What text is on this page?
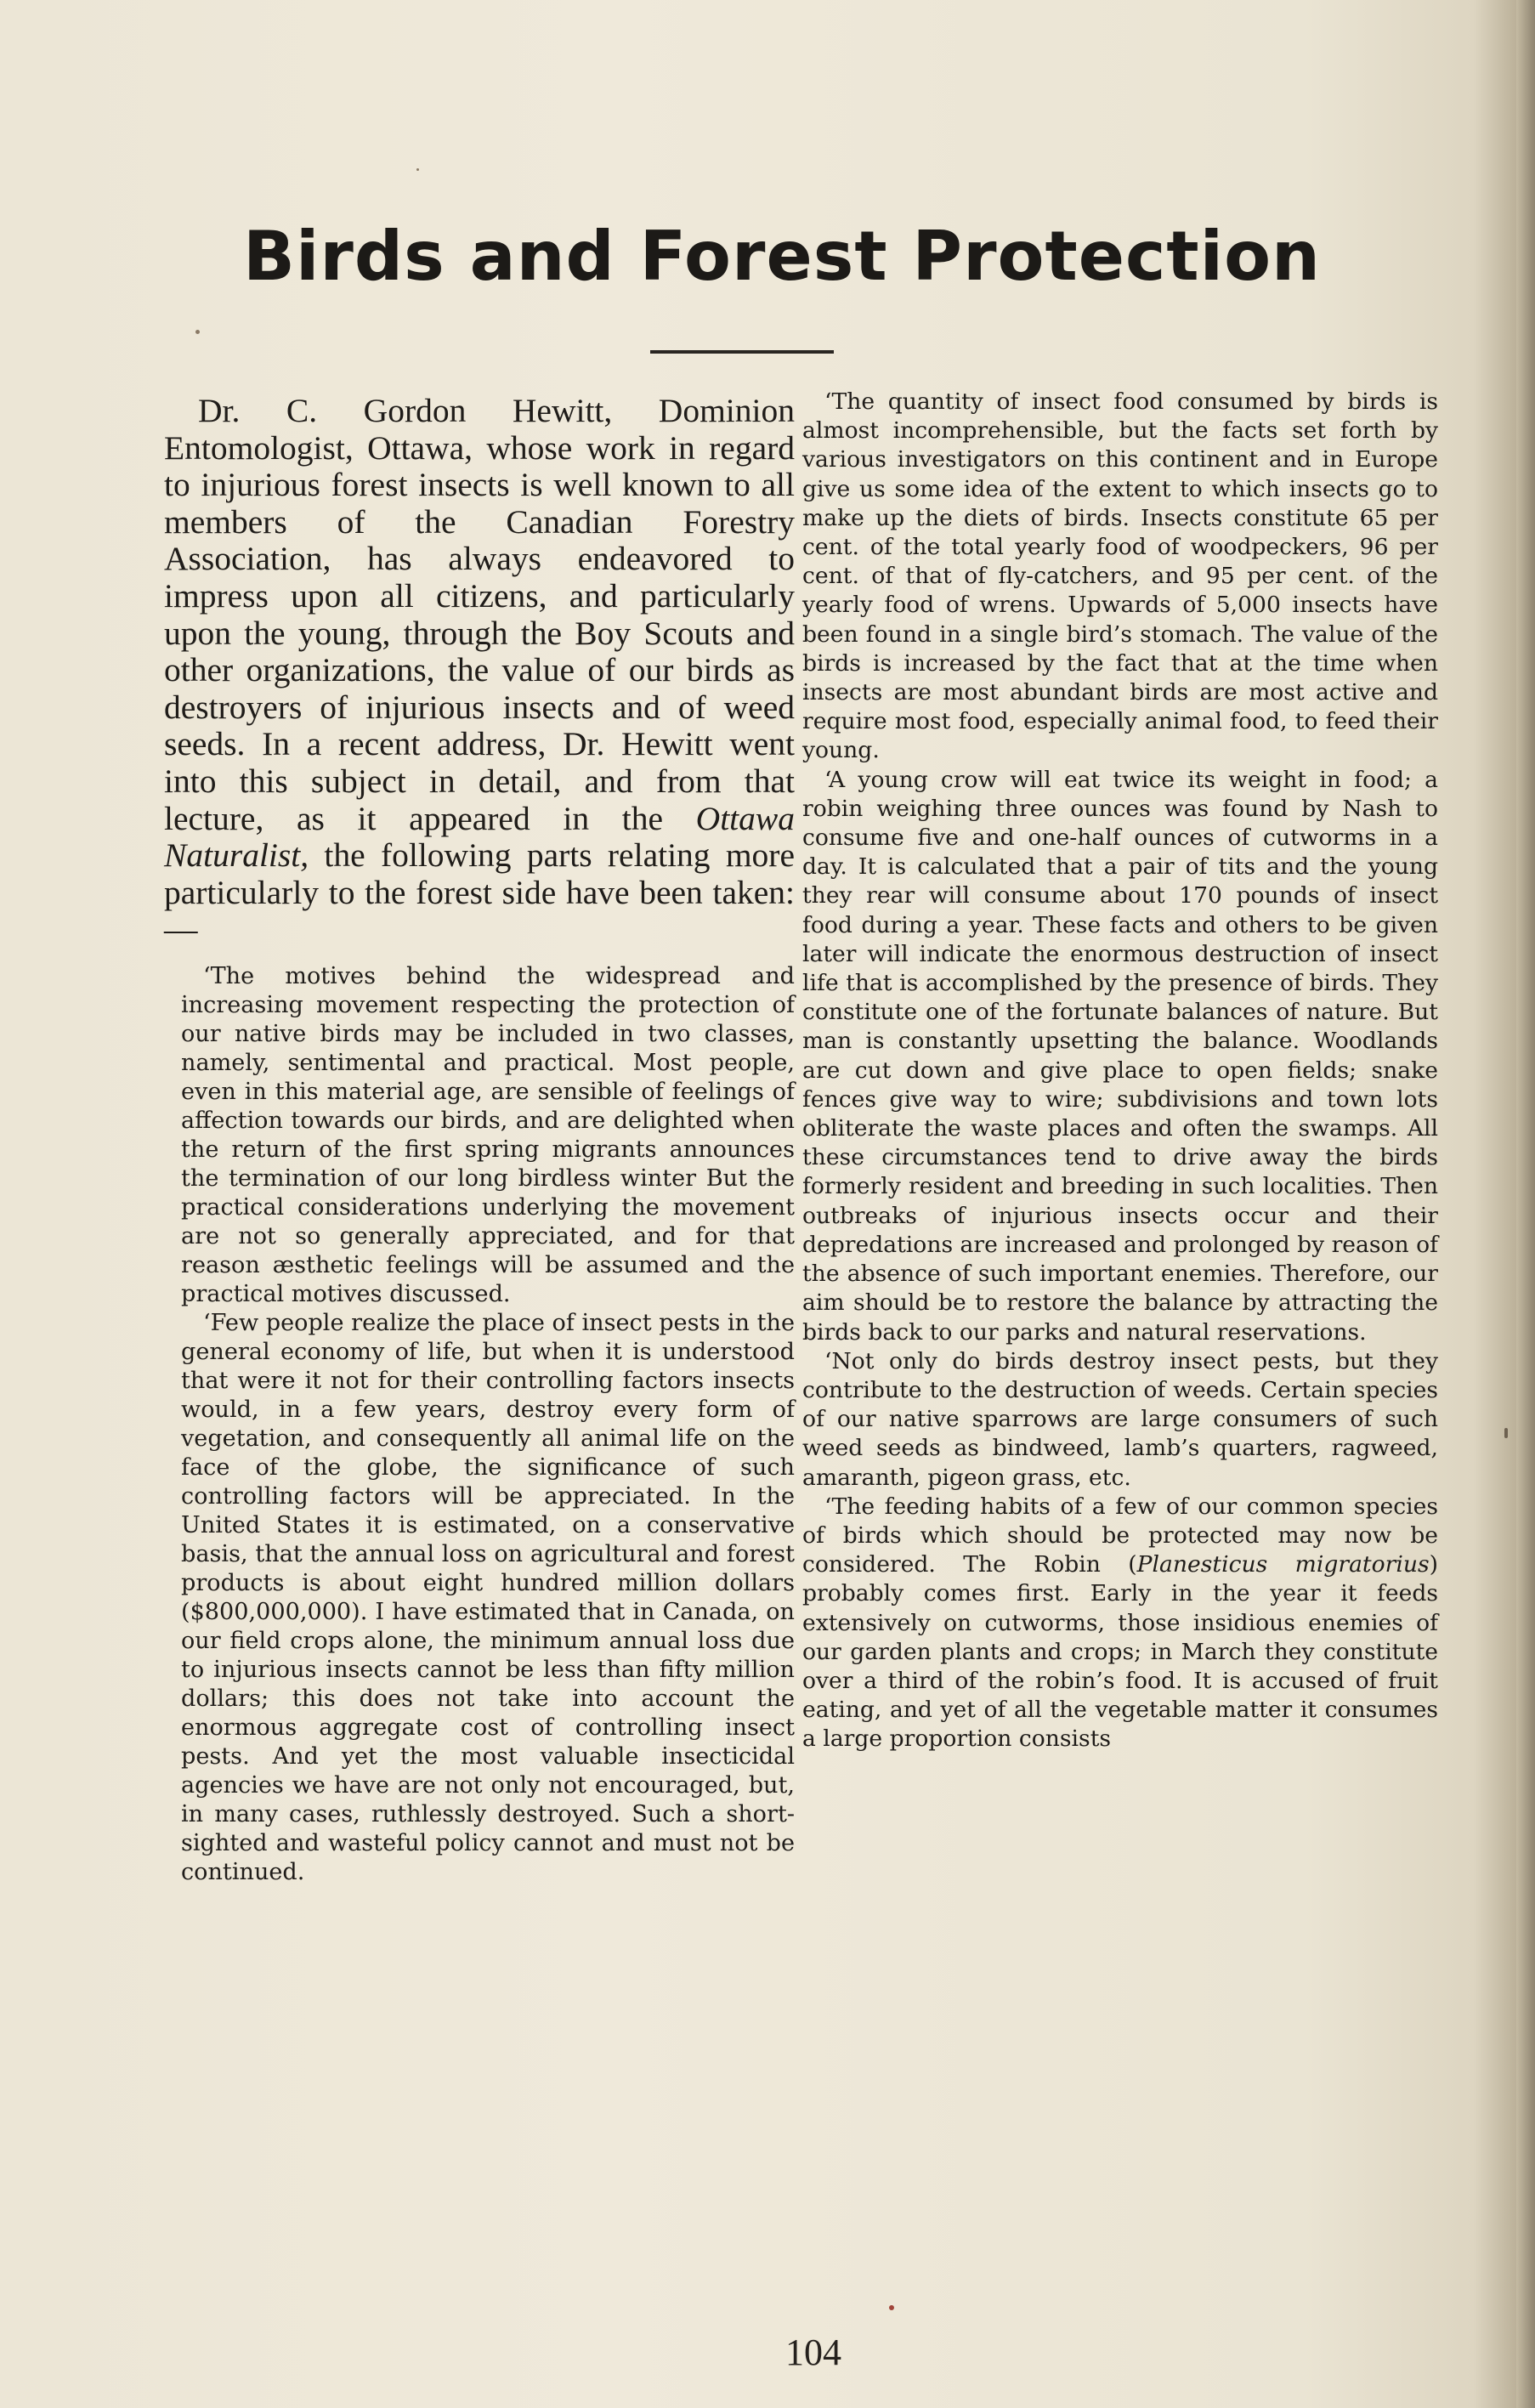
Birds and Forest Protection

Dr. C. Gordon Hewitt, Dominion Entomologist, Ottawa, whose work in regard to injurious forest insects is well known to all members of the Canadian Forestry Association, has always endeavored to impress upon all citizens, and particularly upon the young, through the Boy Scouts and other organizations, the value of our birds as destroyers of injurious insects and of weed seeds. In a recent address, Dr. Hewitt went into this subject in detail, and from that lecture, as it appeared in the Ottawa Naturalist, the following parts relating more particularly to the forest side have been taken:—

‘The motives behind the widespread and increasing movement respecting the protection of our native birds may be included in two classes, namely, sentimental and practical. Most people, even in this material age, are sensible of feelings of affection towards our birds, and are delighted when the return of the first spring migrants announces the termination of our long birdless winter But the practical considerations underlying the movement are not so generally appreciated, and for that reason æsthetic feelings will be assumed and the practical motives discussed.

‘Few people realize the place of insect pests in the general economy of life, but when it is understood that were it not for their controlling factors insects would, in a few years, destroy every form of vegetation, and consequently all animal life on the face of the globe, the significance of such controlling factors will be appreciated. In the United States it is estimated, on a conservative basis, that the annual loss on agricultural and forest products is about eight hundred million dollars ($800,000,000). I have estimated that in Canada, on our field crops alone, the minimum annual loss due to injurious insects cannot be less than fifty million dollars; this does not take into account the enormous aggregate cost of controlling insect pests. And yet the most valuable insecticidal agencies we have are not only not encouraged, but, in many cases, ruthlessly destroyed. Such a short-sighted and wasteful policy cannot and must not be continued.

‘The quantity of insect food consumed by birds is almost incomprehensible, but the facts set forth by various investigators on this continent and in Europe give us some idea of the extent to which insects go to make up the diets of birds. Insects constitute 65 per cent. of the total yearly food of woodpeckers, 96 per cent. of that of fly-catchers, and 95 per cent. of the yearly food of wrens. Upwards of 5,000 insects have been found in a single bird’s stomach. The value of the birds is increased by the fact that at the time when insects are most abundant birds are most active and require most food, especially animal food, to feed their young.

‘A young crow will eat twice its weight in food; a robin weighing three ounces was found by Nash to consume five and one-half ounces of cutworms in a day. It is calculated that a pair of tits and the young they rear will consume about 170 pounds of insect food during a year. These facts and others to be given later will indicate the enormous destruction of insect life that is accomplished by the presence of birds. They constitute one of the fortunate balances of nature. But man is constantly upsetting the balance. Woodlands are cut down and give place to open fields; snake fences give way to wire; subdivisions and town lots obliterate the waste places and often the swamps. All these circumstances tend to drive away the birds formerly resident and breeding in such localities. Then outbreaks of injurious insects occur and their depredations are increased and prolonged by reason of the absence of such important enemies. Therefore, our aim should be to restore the balance by attracting the birds back to our parks and natural reservations.

‘Not only do birds destroy insect pests, but they contribute to the destruction of weeds. Certain species of our native sparrows are large consumers of such weed seeds as bindweed, lamb’s quarters, ragweed, amaranth, pigeon grass, etc.

‘The feeding habits of a few of our common species of birds which should be protected may now be considered. The Robin (Planesticus migratorius) probably comes first. Early in the year it feeds extensively on cutworms, those insidious enemies of our garden plants and crops; in March they constitute over a third of the robin’s food. It is accused of fruit eating, and yet of all the vegetable matter it consumes a large proportion consists

104
